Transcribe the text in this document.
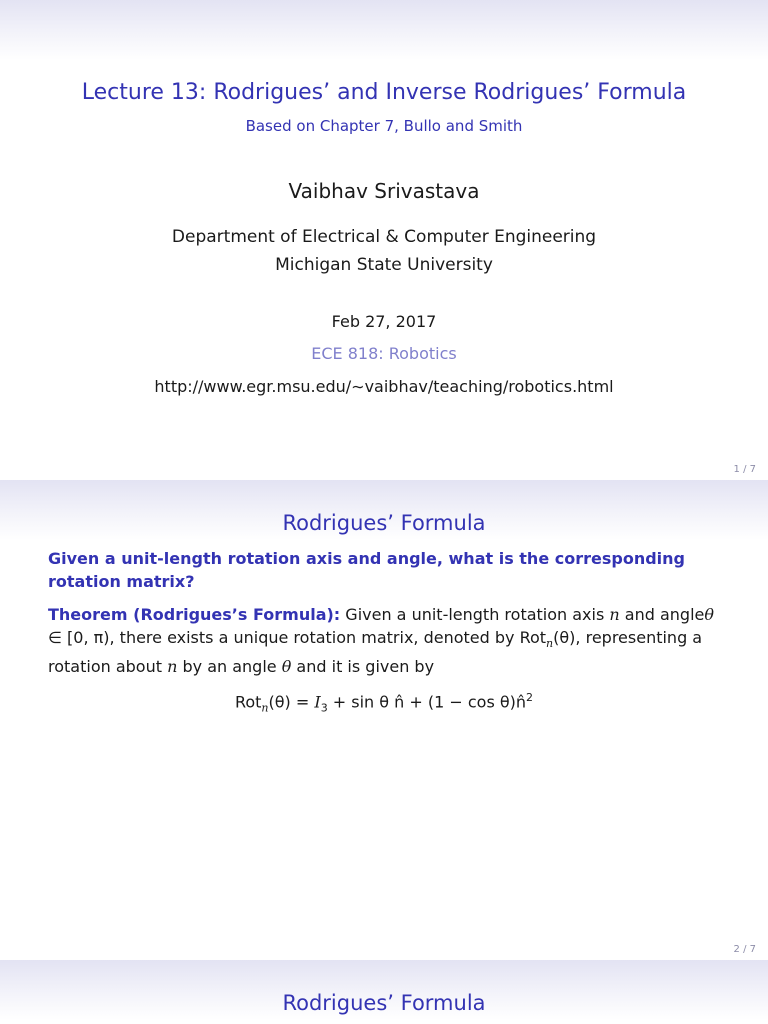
Lecture 13: Rodrigues’ and Inverse Rodrigues’ Formula
Based on Chapter 7, Bullo and Smith
Vaibhav Srivastava
Department of Electrical & Computer Engineering
Michigan State University
Feb 27, 2017
ECE 818: Robotics
http://www.egr.msu.edu/∼vaibhav/teaching/robotics.html
1 / 7
Rodrigues’ Formula
Given a unit-length rotation axis and angle, what is the corresponding rotation matrix?
Theorem (Rodrigues’s Formula): Given a unit-length rotation axis n and angleθ ∈ [0, π), there exists a unique rotation matrix, denoted by Rot$_n$(θ), representing a rotation about n by an angle θ and it is given by
$Rot_n(\theta) = I_3 + \sin \theta$ n̂ + (1 − cos θ)n̂$^2$
2 / 7
Rodrigues’ Formula
